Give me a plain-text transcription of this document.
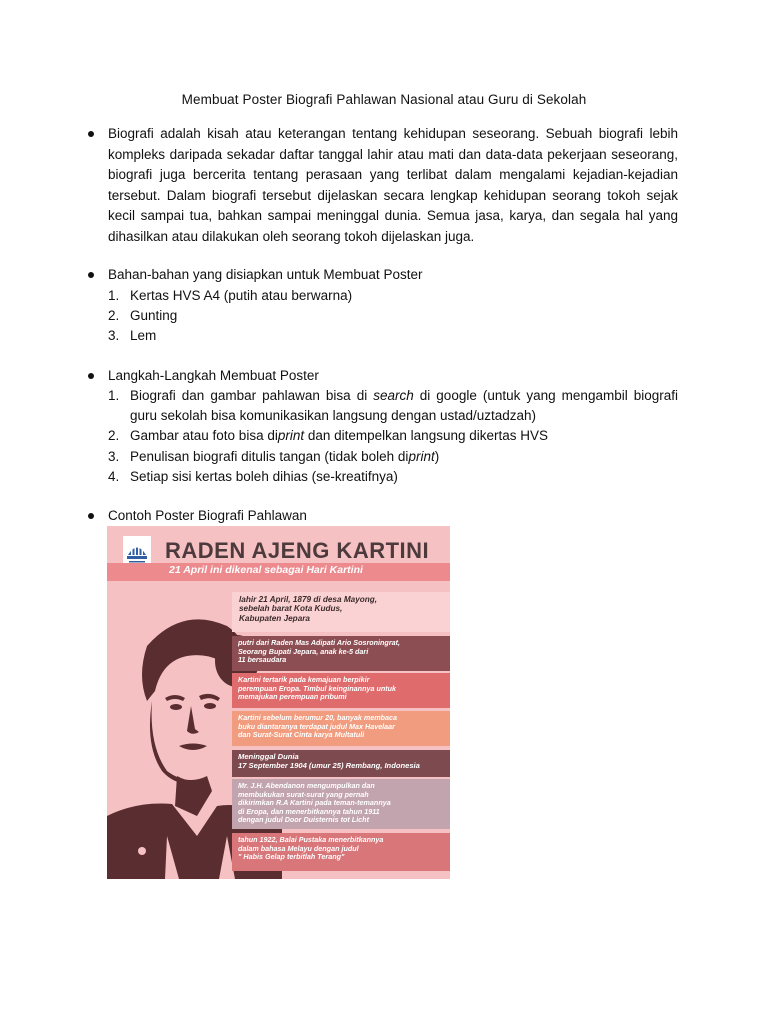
Membuat Poster Biografi Pahlawan Nasional atau Guru di Sekolah
Biografi adalah kisah atau keterangan tentang kehidupan seseorang. Sebuah biografi lebih kompleks daripada sekadar daftar tanggal lahir atau mati dan data-data pekerjaan seseorang, biografi juga bercerita tentang perasaan yang terlibat dalam mengalami kejadian-kejadian tersebut. Dalam biografi tersebut dijelaskan secara lengkap kehidupan seorang tokoh sejak kecil sampai tua, bahkan sampai meninggal dunia. Semua jasa, karya, dan segala hal yang dihasilkan atau dilakukan oleh seorang tokoh dijelaskan juga.
Bahan-bahan yang disiapkan untuk Membuat Poster
1. Kertas HVS A4 (putih atau berwarna)
2. Gunting
3. Lem
Langkah-Langkah Membuat Poster
1. Biografi dan gambar pahlawan bisa di search di google (untuk yang mengambil biografi guru sekolah bisa komunikasikan langsung dengan ustad/uztadzah)
2. Gambar atau foto bisa diprint dan ditempelkan langsung dikertas HVS
3. Penulisan biografi ditulis tangan (tidak boleh diprint)
4. Setiap sisi kertas boleh dihias (se-kreatifnya)
Contoh Poster Biografi Pahlawan
RADEN AJENG KARTINI
21 April ini dikenal sebagai Hari Kartini
lahir 21 April, 1879 di desa Mayong,
sebelah barat Kota Kudus,
Kabupaten Jepara
putri dari Raden Mas Adipati Ario Sosroningrat,
Seorang Bupati Jepara, anak ke-5 dari
11 bersaudara
Kartini tertarik pada kemajuan berpikir
perempuan Eropa. Timbul keinginannya untuk
memajukan perempuan pribumi
Kartini sebelum berumur 20, banyak membaca
buku diantaranya terdapat judul Max Havelaar
dan Surat-Surat Cinta karya Multatuli
Meninggal Dunia
17 September 1904 (umur 25) Rembang, Indonesia
Mr. J.H. Abendanon mengumpulkan dan
membukukan surat-surat yang pernah
dikirimkan R.A Kartini pada teman-temannya
di Eropa, dan menerbitkannya tahun 1911
dengan judul Door Duisternis tot Licht
tahun 1922, Balai Pustaka menerbitkannya
dalam bahasa Melayu dengan judul
" Habis Gelap terbitlah Terang"
